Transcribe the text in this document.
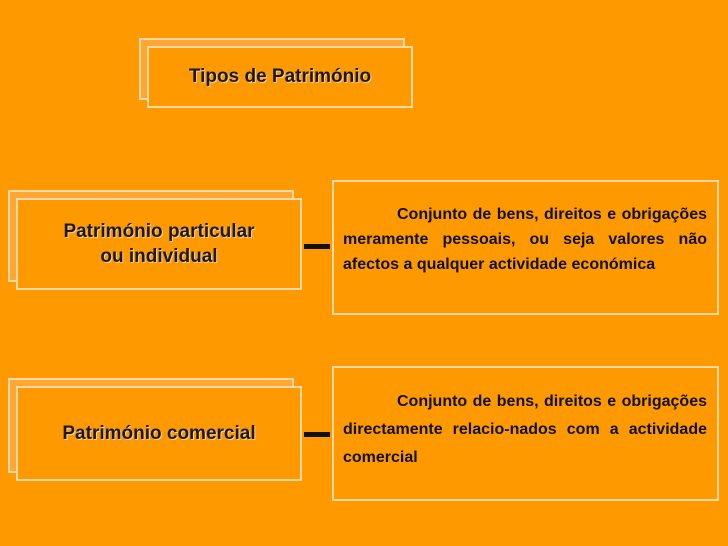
Tipos de Património
Património particular
ou individual
Conjunto de bens, direitos e obrigações meramente pessoais, ou seja valores não afectos a qualquer actividade económica
Património comercial
Conjunto de bens, direitos e obrigações directamente relacio-nados com a actividade comercial
